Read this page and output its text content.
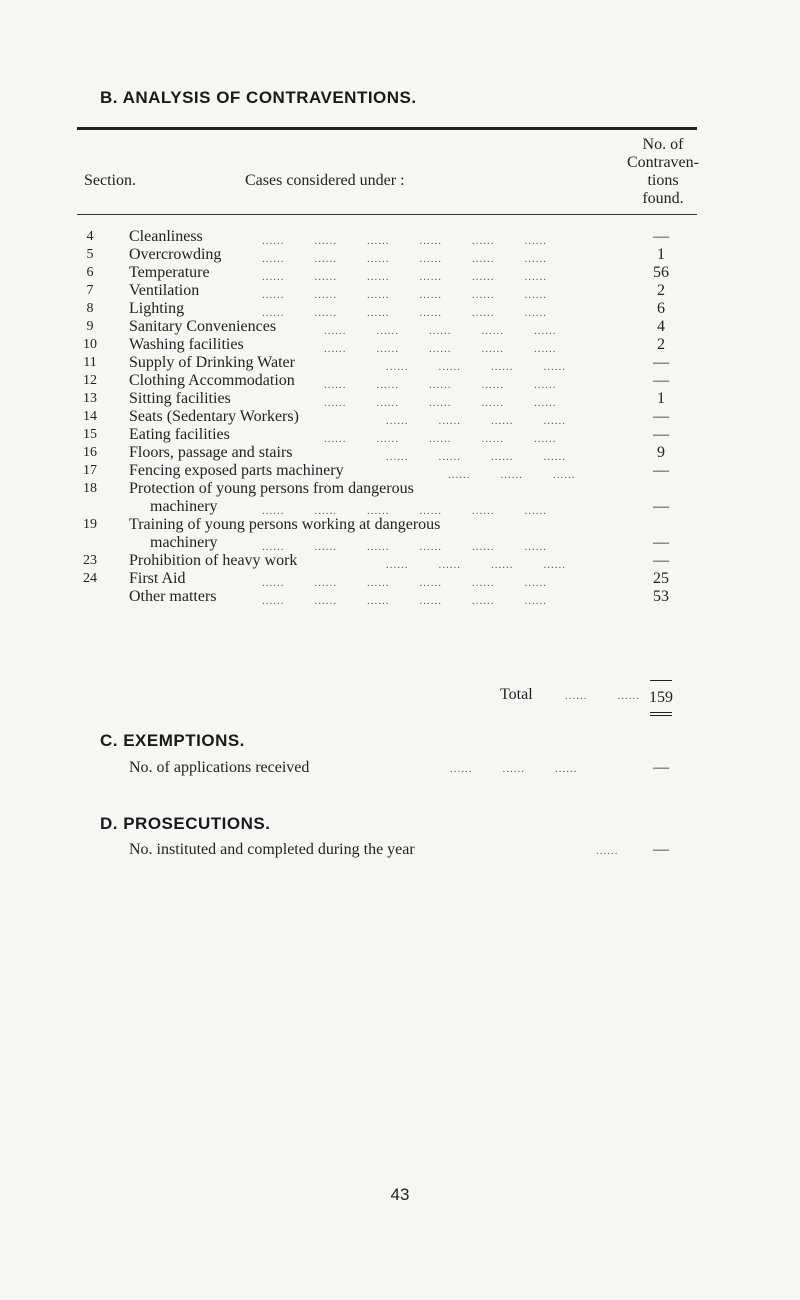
B. ANALYSIS OF CONTRAVENTIONS.
Section.	Cases considered under :
No. of
Contraven-
tions
found.
4	Cleanliness	......        ......        ......        ......        ......        ......	—
5	Overcrowding	......        ......        ......        ......        ......        ......	1
6	Temperature	......        ......        ......        ......        ......        ......	56
7	Ventilation	......        ......        ......        ......        ......        ......	2
8	Lighting	......        ......        ......        ......        ......        ......	6
9	Sanitary Conveniences	......        ......        ......        ......        ......	4
10	Washing facilities	......        ......        ......        ......        ......	2
11	Supply of Drinking Water	......        ......        ......        ......	—
12	Clothing Accommodation	......        ......        ......        ......        ......	—
13	Sitting facilities	......        ......        ......        ......        ......	1
14	Seats (Sedentary Workers)	......        ......        ......        ......	—
15	Eating facilities	......        ......        ......        ......        ......	—
16	Floors, passage and stairs	......        ......        ......        ......	9
17	Fencing exposed parts machinery	......        ......        ......	—
18	Protection of young persons from dangerous
machinery	......        ......        ......        ......        ......        ......	—
19	Training of young persons working at dangerous
machinery	......        ......        ......        ......        ......        ......	—
23	Prohibition of heavy work	......        ......        ......        ......	—
24	First Aid	......        ......        ......        ......        ......        ......	25
Other matters	......        ......        ......        ......        ......        ......	53
Total	......        ...... 159
C. EXEMPTIONS.
No. of applications received	......        ......        ......	—
D. PROSECUTIONS.
No. instituted and completed during the year	......	—
43
